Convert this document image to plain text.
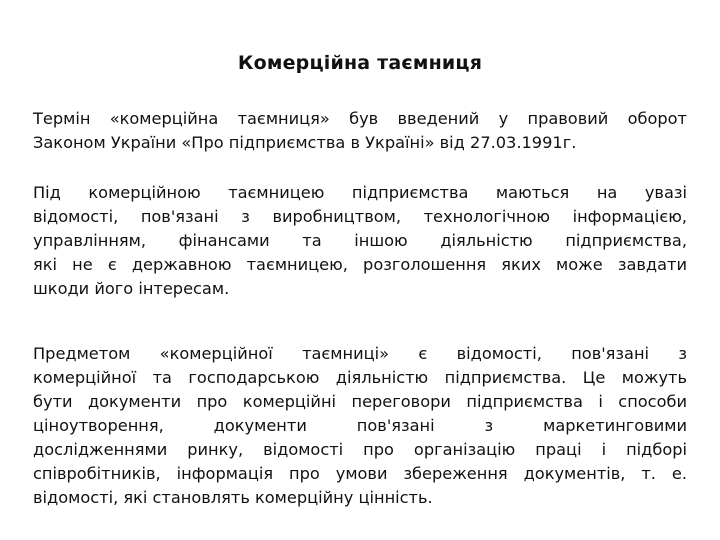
Комерційна таємниця
Термін «комерційна таємниця» був введений у правовий оборот
Законом України «Про підприємства в Україні» від 27.03.1991г.
Під комерційною таємницею підприємства маються на увазі
відомості, пов'язані з виробництвом, технологічною інформацією,
управлінням, фінансами та іншою діяльністю підприємства,
які не є державною таємницею, розголошення яких може завдати
шкоди його інтересам.
Предметом «комерційної таємниці» є відомості, пов'язані з
комерційної та господарською діяльністю підприємства. Це можуть
бути документи про комерційні переговори підприємства і способи
ціноутворення, документи пов'язані з маркетинговими
дослідженнями ринку, відомості про організацію праці і підборі
співробітників, інформація про умови збереження документів, т. е.
відомості, які становлять комерційну цінність.
